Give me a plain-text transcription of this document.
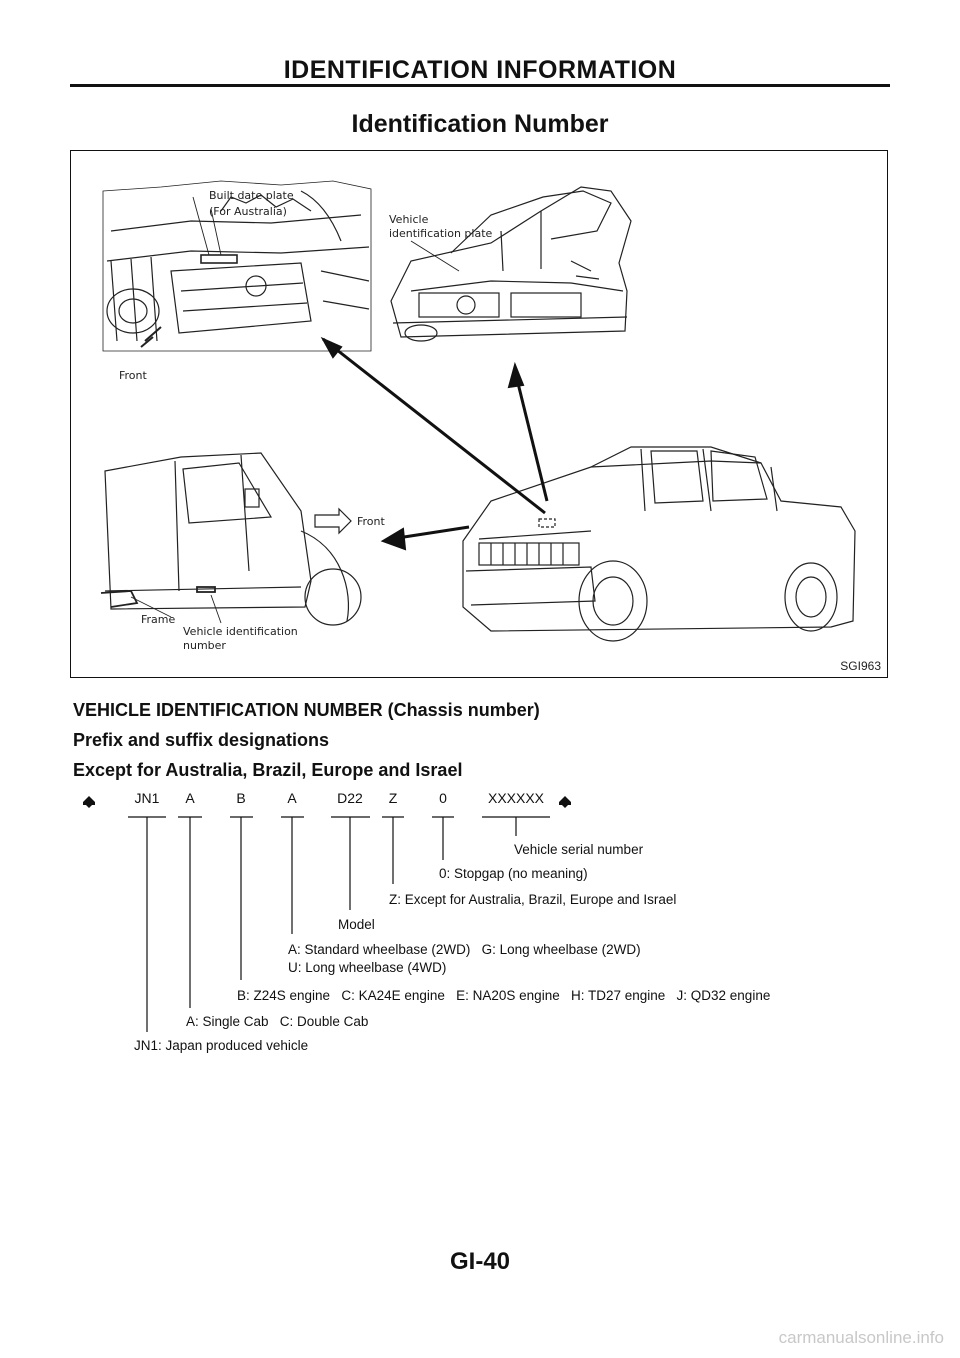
IDENTIFICATION INFORMATION
Identification Number
Built date plate
(For Australia)
Vehicle
identification plate
Front
Front
Frame
Vehicle identification
number
SGI963
VEHICLE IDENTIFICATION NUMBER (Chassis number)
Prefix and suffix designations
Except for Australia, Brazil, Europe and Israel
JN1 A	B	A	D22 Z	0	XXXXXX
Vehicle serial number
0: Stopgap (no meaning)
Z: Except for Australia, Brazil, Europe and Israel
Model
A: Standard wheelbase (2WD)   G: Long wheelbase (2WD)
U: Long wheelbase (4WD)
B: Z24S engine   C: KA24E engine   E: NA20S engine   H: TD27 engine   J: QD32 engine
A: Single Cab   C: Double Cab
JN1: Japan produced vehicle
GI-40
carmanualsonline.info
